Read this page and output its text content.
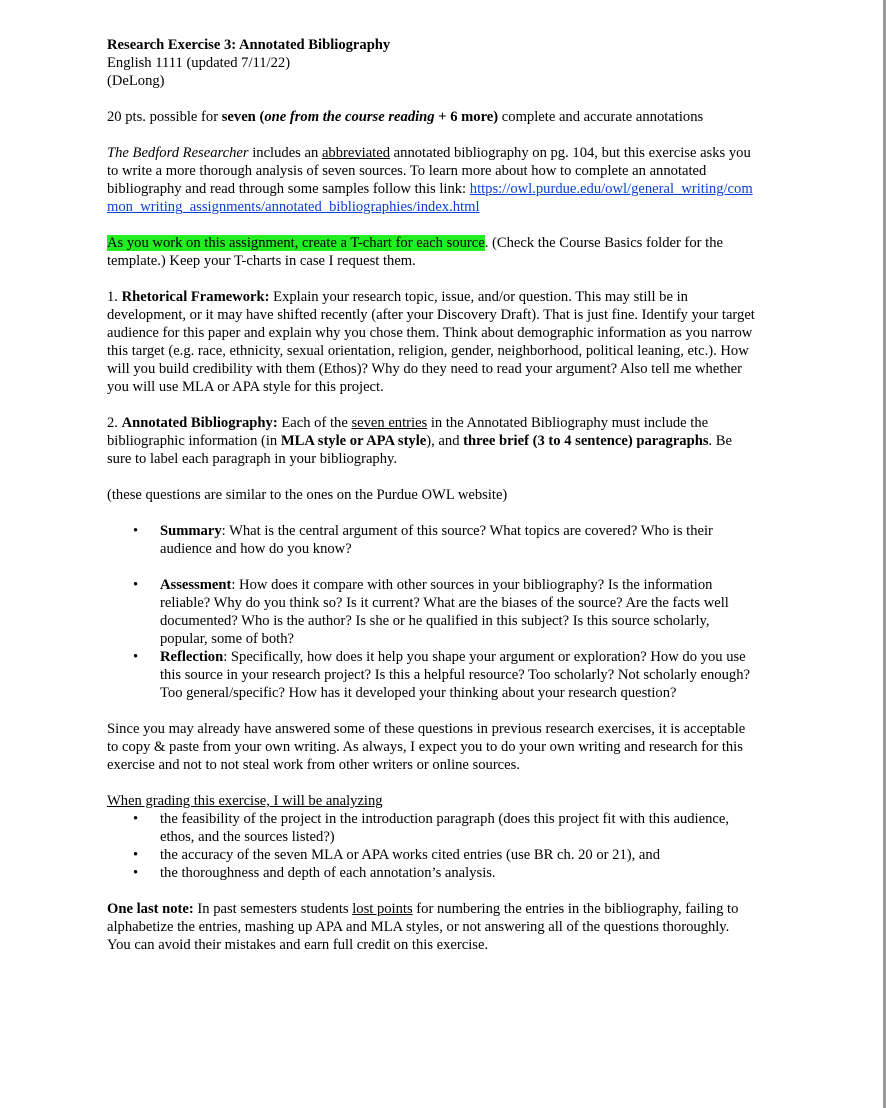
Research Exercise 3: Annotated Bibliography

English 1111 (updated 7/11/22)

(DeLong)

20 pts. possible for seven (one from the course reading + 6 more) complete and accurate annotations

The Bedford Researcher includes an abbreviated annotated bibliography on pg. 104, but this exercise asks you to write a more thorough analysis of seven sources. To learn more about how to complete an annotated bibliography and read through some samples follow this link: https://owl.purdue.edu/owl/general_writing/common_writing_assignments/annotated_bibliographies/index.html

As you work on this assignment, create a T-chart for each source. (Check the Course Basics folder for the template.) Keep your T-charts in case I request them.

1. Rhetorical Framework: Explain your research topic, issue, and/or question. This may still be in development, or it may have shifted recently (after your Discovery Draft). That is just fine. Identify your target audience for this paper and explain why you chose them. Think about demographic information as you narrow this target (e.g. race, ethnicity, sexual orientation, religion, gender, neighborhood, political leaning, etc.). How will you build credibility with them (Ethos)? Why do they need to read your argument? Also tell me whether you will use MLA or APA style for this project.

2. Annotated Bibliography: Each of the seven entries in the Annotated Bibliography must include the bibliographic information (in MLA style or APA style), and three brief (3 to 4 sentence) paragraphs. Be sure to label each paragraph in your bibliography.

(these questions are similar to the ones on the Purdue OWL website)

• Summary: What is the central argument of this source? What topics are covered? Who is their audience and how do you know?
• Assessment: How does it compare with other sources in your bibliography? Is the information reliable? Why do you think so? Is it current? What are the biases of the source? Are the facts well documented? Who is the author? Is she or he qualified in this subject? Is this source scholarly, popular, some of both?
• Reflection: Specifically, how does it help you shape your argument or exploration? How do you use this source in your research project? Is this a helpful resource? Too scholarly? Not scholarly enough? Too general/specific? How has it developed your thinking about your research question?

Since you may already have answered some of these questions in previous research exercises, it is acceptable to copy & paste from your own writing. As always, I expect you to do your own writing and research for this exercise and not to not steal work from other writers or online sources.

When grading this exercise, I will be analyzing

• the feasibility of the project in the introduction paragraph (does this project fit with this audience, ethos, and the sources listed?)
• the accuracy of the seven MLA or APA works cited entries (use BR ch. 20 or 21), and
• the thoroughness and depth of each annotation’s analysis.

One last note: In past semesters students lost points for numbering the entries in the bibliography, failing to alphabetize the entries, mashing up APA and MLA styles, or not answering all of the questions thoroughly. You can avoid their mistakes and earn full credit on this exercise.
